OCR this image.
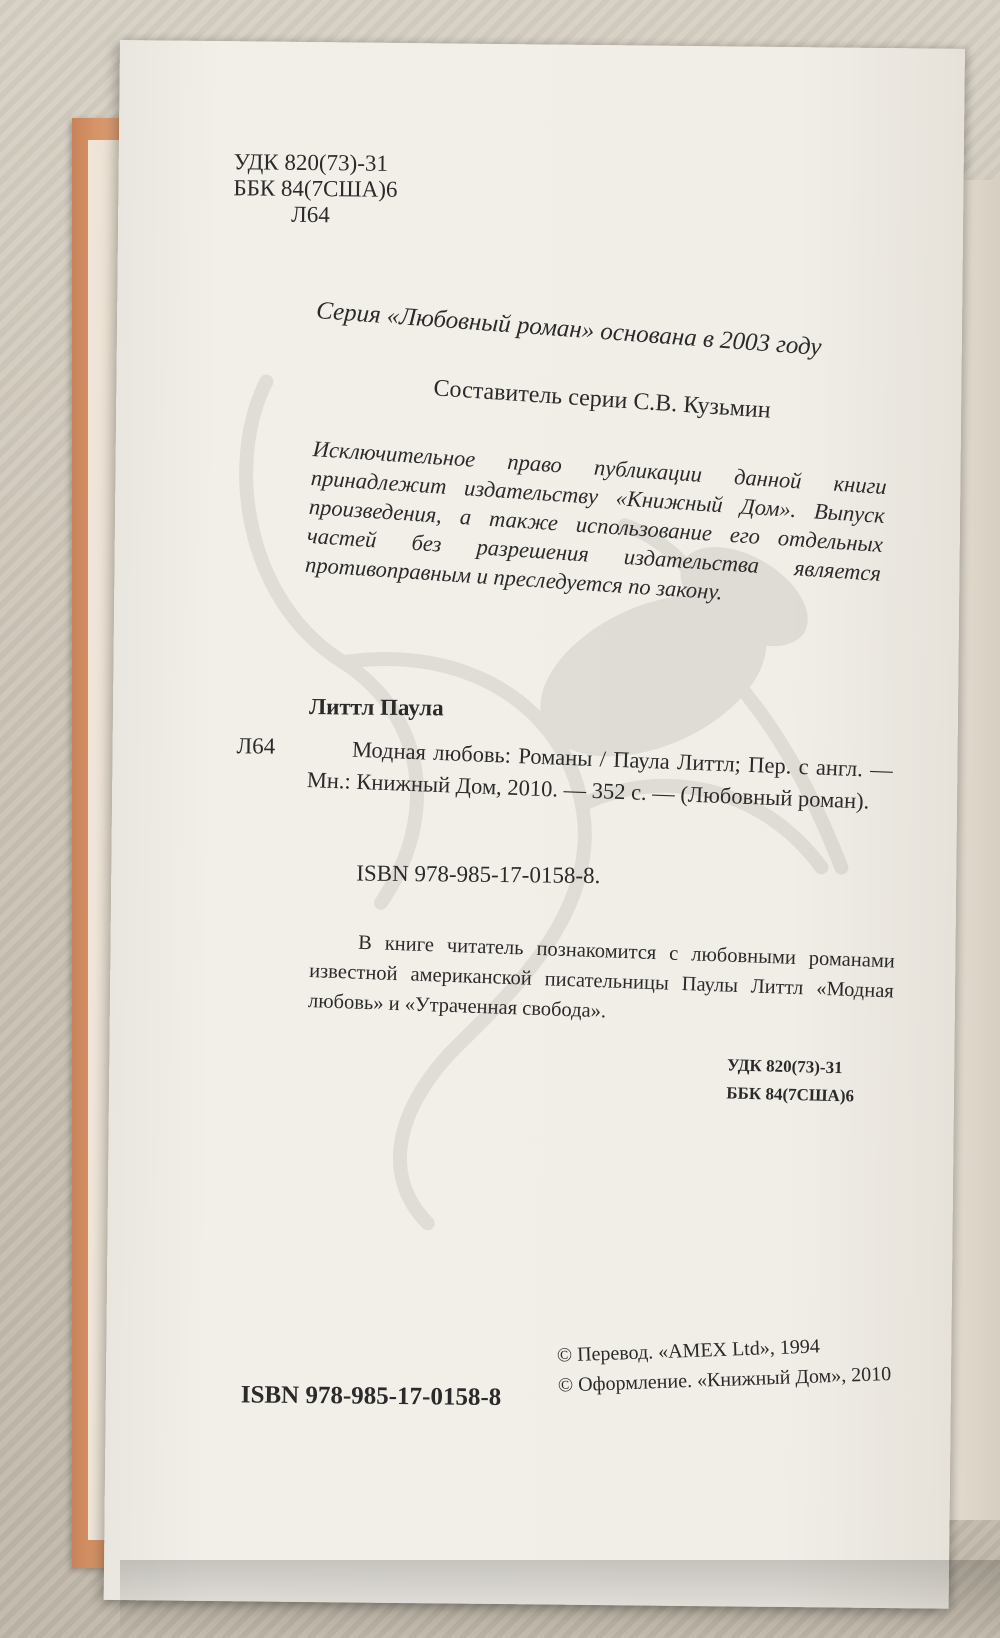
УДК 820(73)-31
ББК 84(7США)6
Л64
Серия «Любовный роман» основана в 2003 году
Составитель серии С.В. Кузьмин
Исключительное право публикации данной книги принадлежит издательству «Книжный Дом». Выпуск произведения, а также использование его отдельных частей без разрешения издательства является противоправным и преследуется по закону.
Литтл Паула
Л64	Модная любовь: Романы / Паула Литтл; Пер. с англ. — Мн.: Книжный Дом, 2010. — 352 с. — (Любовный роман).
ISBN 978-985-17-0158-8.
В книге читатель познакомится с любовными романами известной американской писательницы Паулы Литтл «Модная любовь» и «Утраченная свобода».
УДК 820(73)-31
ББК 84(7США)6
ISBN 978-985-17-0158-8
© Перевод. «AMEX Ltd», 1994
© Оформление. «Книжный Дом», 2010
